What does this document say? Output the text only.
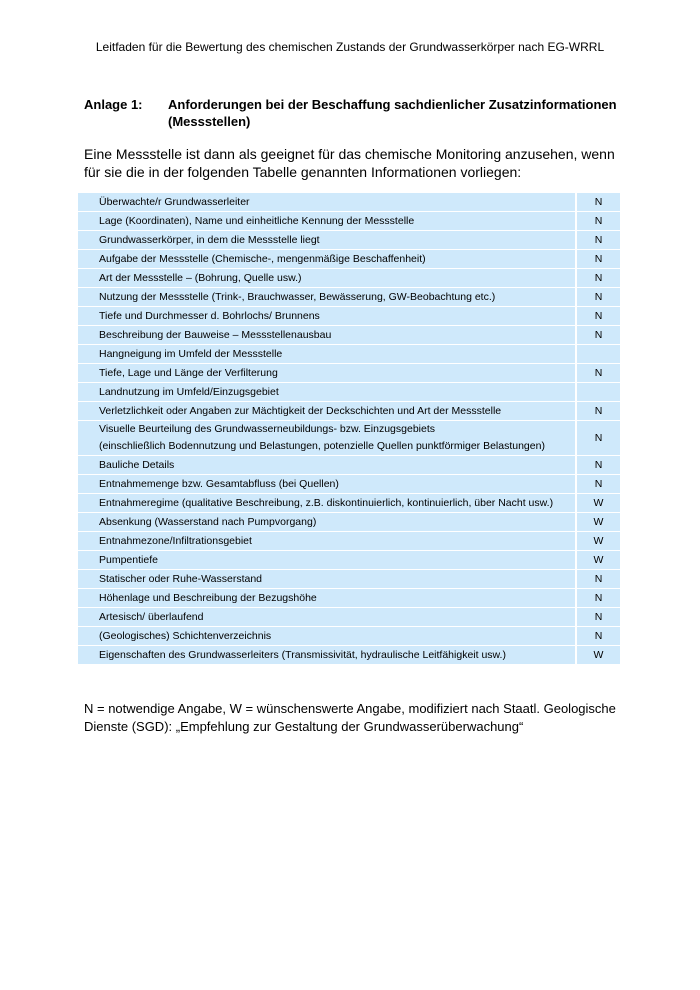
Leitfaden für die Bewertung des chemischen Zustands der Grundwasserkörper nach EG-WRRL
Anlage 1: Anforderungen bei der Beschaffung sachdienlicher Zusatzinformationen (Messstellen)
Eine Messstelle ist dann als geeignet für das chemische Monitoring anzusehen, wenn für sie die in der folgenden Tabelle genannten Informationen vorliegen:
Überwachte/r Grundwasserleiter	N

Lage (Koordinaten), Name und einheitliche Kennung der Messstelle	N

Grundwasserkörper, in dem die Messstelle liegt	N

Aufgabe der Messstelle (Chemische-, mengenmäßige Beschaffenheit)	N

Art der Messstelle – (Bohrung, Quelle usw.)	N

Nutzung der Messstelle (Trink-, Brauchwasser, Bewässerung, GW-Beobachtung etc.)	N

Tiefe und Durchmesser d. Bohrlochs/ Brunnens	N

Beschreibung der Bauweise – Messstellenausbau	N

Hangneigung im Umfeld der Messstelle	

Tiefe, Lage und Länge der Verfilterung	N

Landnutzung im Umfeld/Einzugsgebiet	

Verletzlichkeit oder Angaben zur Mächtigkeit der Deckschichten und Art der Messstelle	N

Visuelle Beurteilung des Grundwasserneubildungs- bzw. Einzugsgebiets
(einschließlich Bodennutzung und Belastungen, potenzielle Quellen punktförmiger Belastungen)	N

Bauliche Details	N

Entnahmemenge bzw. Gesamtabfluss (bei Quellen)	N

Entnahmeregime (qualitative Beschreibung, z.B. diskontinuierlich, kontinuierlich, über Nacht usw.)	W

Absenkung (Wasserstand nach Pumpvorgang)	W

Entnahmezone/Infiltrationsgebiet	W

Pumpentiefe	W

Statischer oder Ruhe-Wasserstand	N

Höhenlage und Beschreibung der Bezugshöhe	N

Artesisch/ überlaufend	N

(Geologisches) Schichtenverzeichnis	N

Eigenschaften des Grundwasserleiters (Transmissivität, hydraulische Leitfähigkeit usw.)	W
N = notwendige Angabe, W = wünschenswerte Angabe, modifiziert nach Staatl. Geologische Dienste (SGD): „Empfehlung zur Gestaltung der Grundwasserüberwachung“
